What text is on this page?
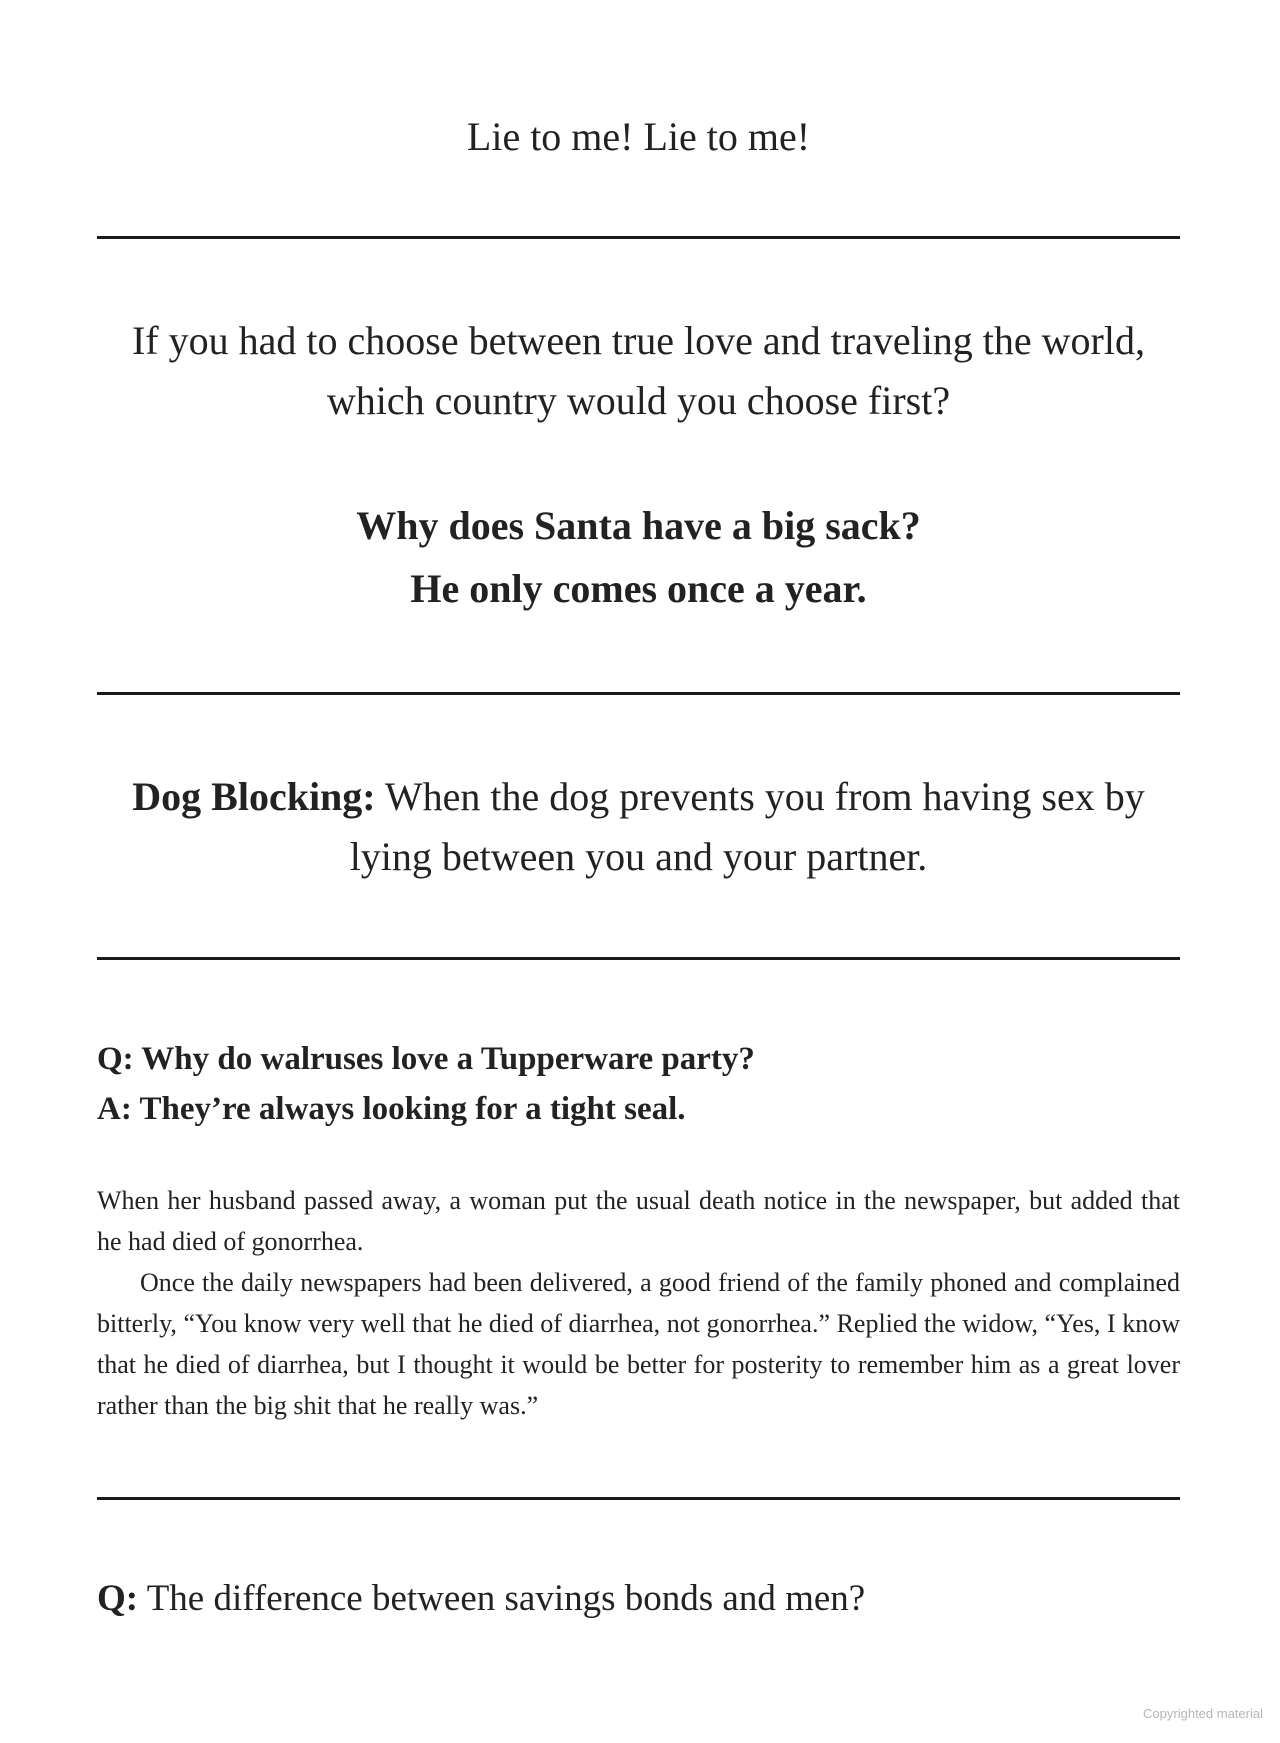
Lie to me! Lie to me!
If you had to choose between true love and traveling the world,
which country would you choose first?
Why does Santa have a big sack?
He only comes once a year.
Dog Blocking: When the dog prevents you from having sex by
lying between you and your partner.
Q: Why do walruses love a Tupperware party?
A: They’re always looking for a tight seal.

When her husband passed away, a woman put the usual death notice in the newspaper, but added that he had died of gonorrhea.

Once the daily newspapers had been delivered, a good friend of the family phoned and complained bitterly, “You know very well that he died of diarrhea, not gonorrhea.” Replied the widow, “Yes, I know that he died of diarrhea, but I thought it would be better for posterity to remember him as a great lover rather than the big shit that he really was.”

Q: The difference between savings bonds and men?
Copyrighted material
